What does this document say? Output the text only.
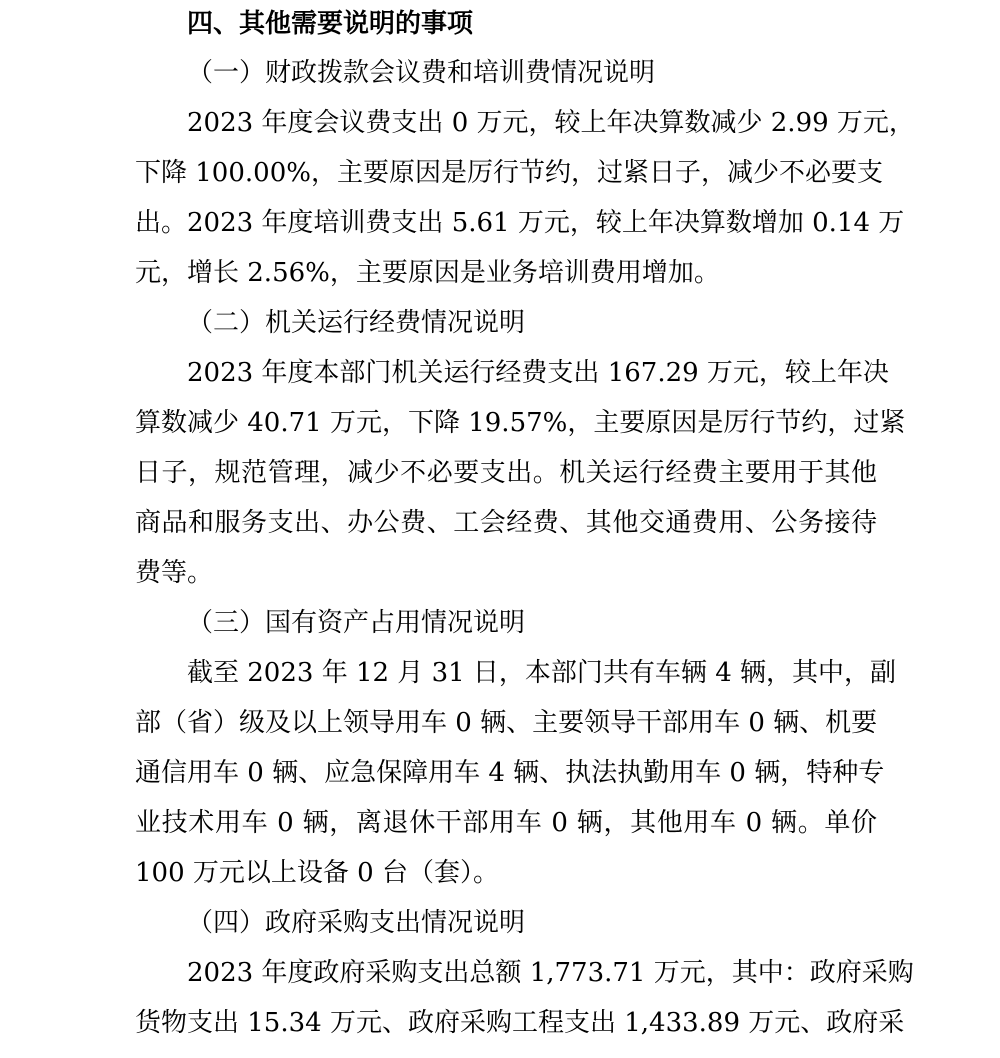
四、其他需要说明的事项
（一）财政拨款会议费和培训费情况说明
2023 年度会议费支出 0 万元，较上年决算数减少 2.99 万元，
下降 100.00%，主要原因是厉行节约，过紧日子，减少不必要支
出。2023 年度培训费支出 5.61 万元，较上年决算数增加 0.14 万
元，增长 2.56%，主要原因是业务培训费用增加。
（二）机关运行经费情况说明
2023 年度本部门机关运行经费支出 167.29 万元，较上年决
算数减少 40.71 万元，下降 19.57%，主要原因是厉行节约，过紧
日子，规范管理，减少不必要支出。机关运行经费主要用于其他
商品和服务支出、办公费、工会经费、其他交通费用、公务接待
费等。
（三）国有资产占用情况说明
截至 2023 年 12 月 31 日，本部门共有车辆 4 辆，其中，副
部（省）级及以上领导用车 0 辆、主要领导干部用车 0 辆、机要
通信用车 0 辆、应急保障用车 4 辆、执法执勤用车 0 辆，特种专
业技术用车 0 辆，离退休干部用车 0 辆，其他用车 0 辆。单价
100 万元以上设备 0 台（套）。
（四）政府采购支出情况说明
2023 年度政府采购支出总额 1,773.71 万元，其中：政府采购
货物支出 15.34 万元、政府采购工程支出 1,433.89 万元、政府采
